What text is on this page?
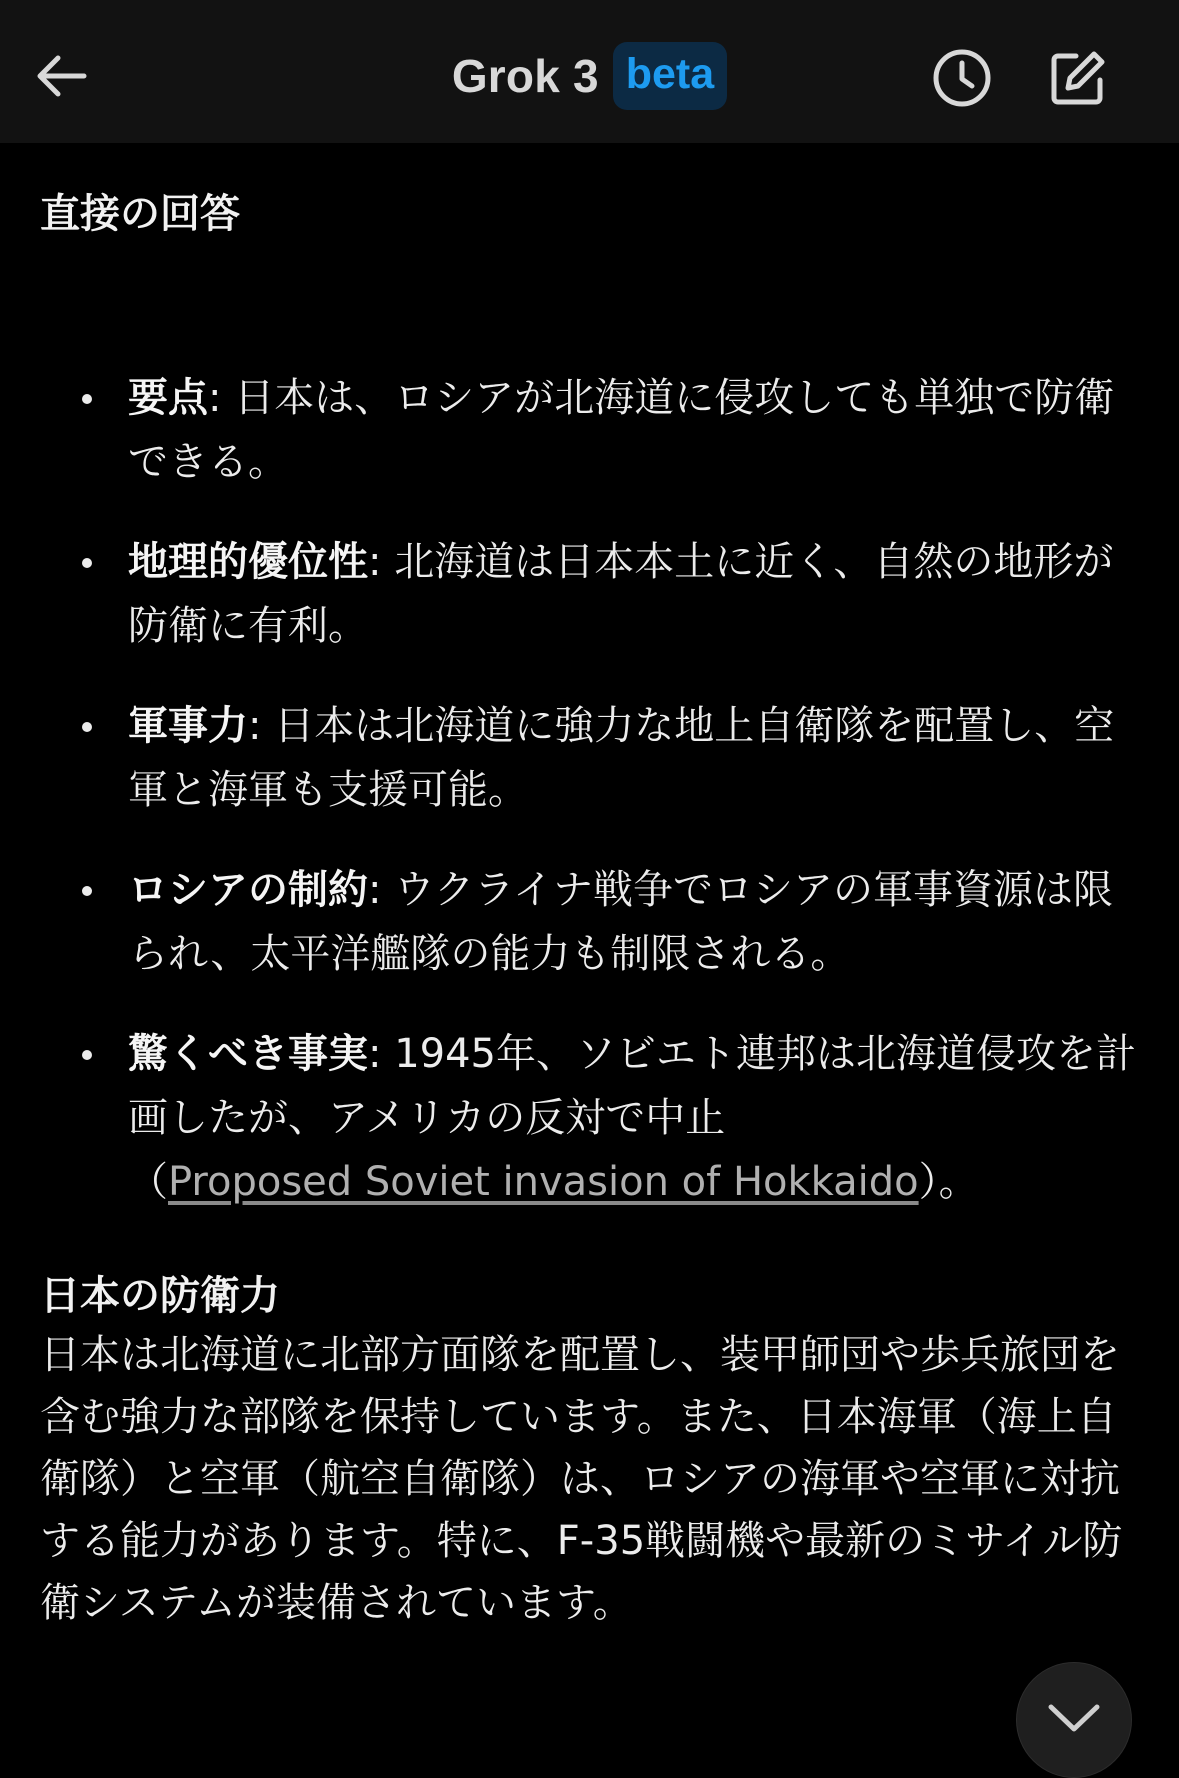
Grok 3 beta
直接の回答
要点: 日本は、ロシアが北海道に侵攻しても単独で防衛できる。
地理的優位性: 北海道は日本本土に近く、自然の地形が防衛に有利。
軍事力: 日本は北海道に強力な地上自衛隊を配置し、空軍と海軍も支援可能。
ロシアの制約: ウクライナ戦争でロシアの軍事資源は限られ、太平洋艦隊の能力も制限される。
驚くべき事実: 1945年、ソビエト連邦は北海道侵攻を計画したが、アメリカの反対で中止
（Proposed Soviet invasion of Hokkaido）。
日本の防衛力

日本は北海道に北部方面隊を配置し、装甲師団や歩兵旅団を含む強力な部隊を保持しています。また、日本海軍（海上自衛隊）と空軍（航空自衛隊）は、ロシアの海軍や空軍に対抗する能力があります。特に、F-35戦闘機や最新のミサイル防衛システムが装備されています。
